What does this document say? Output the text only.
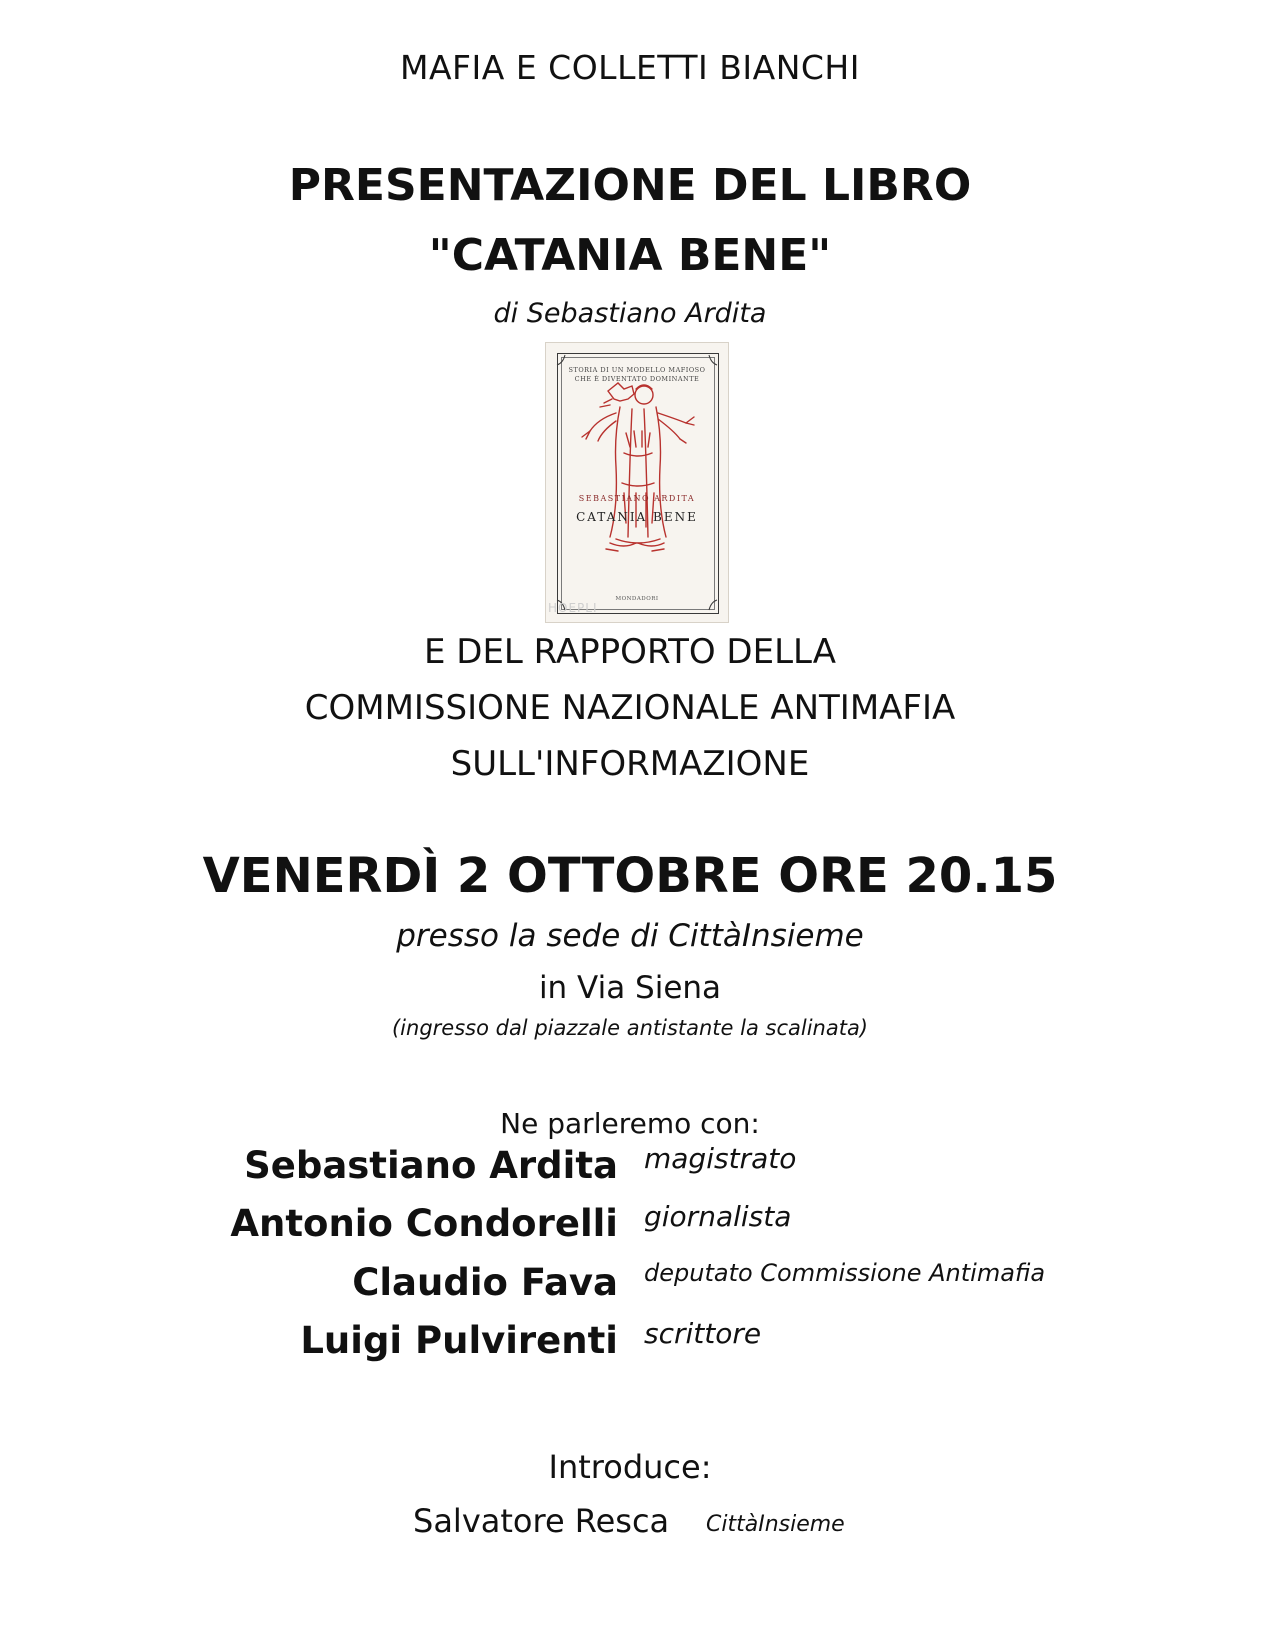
MAFIA E COLLETTI BIANCHI
PRESENTAZIONE DEL LIBRO
"CATANIA BENE"
di Sebastiano Ardita
STORIA DI UN MODELLO MAFIOSO
CHE È DIVENTATO DOMINANTE
SEBASTIANO ARDITA
CATANIA BENE
MONDADORI
HOEPLI
E DEL RAPPORTO DELLA
COMMISSIONE NAZIONALE ANTIMAFIA
SULL'INFORMAZIONE
VENERDÌ 2 OTTOBRE ORE 20.15
presso la sede di CittàInsieme
in Via Siena
(ingresso dal piazzale antistante la scalinata)
Ne parleremo con:
Sebastiano Ardita magistrato
Antonio Condorelli giornalista
Claudio Fava deputato Commissione Antimafia
Luigi Pulvirenti scrittore
Introduce:
Salvatore Resca CittàInsieme
